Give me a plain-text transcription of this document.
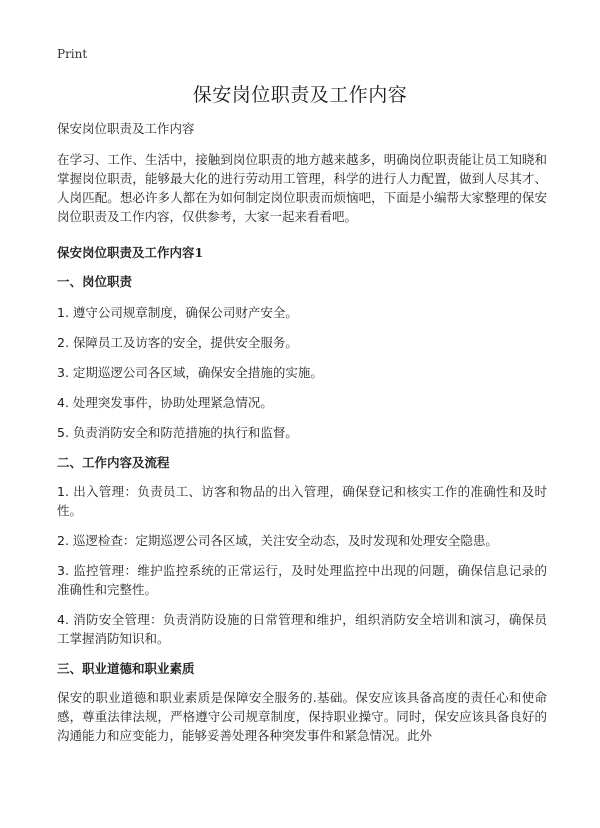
Print
保安岗位职责及工作内容
保安岗位职责及工作内容
在学习、工作、生活中，接触到岗位职责的地方越来越多，明确岗位职责能让员工知晓和掌握岗位职责，能够最大化的进行劳动用工管理，科学的进行人力配置，做到人尽其才、人岗匹配。想必许多人都在为如何制定岗位职责而烦恼吧，下面是小编帮大家整理的保安岗位职责及工作内容，仅供参考，大家一起来看看吧。
保安岗位职责及工作内容1
一、岗位职责
1. 遵守公司规章制度，确保公司财产安全。
2. 保障员工及访客的安全，提供安全服务。
3. 定期巡逻公司各区域，确保安全措施的实施。
4. 处理突发事件，协助处理紧急情况。
5. 负责消防安全和防范措施的执行和监督。
二、工作内容及流程
1. 出入管理：负责员工、访客和物品的出入管理，确保登记和核实工作的准确性和及时性。
2. 巡逻检查：定期巡逻公司各区域，关注安全动态，及时发现和处理安全隐患。
3. 监控管理：维护监控系统的正常运行，及时处理监控中出现的问题，确保信息记录的准确性和完整性。
4. 消防安全管理：负责消防设施的日常管理和维护，组织消防安全培训和演习，确保员工掌握消防知识和。
三、职业道德和职业素质
保安的职业道德和职业素质是保障安全服务的.基础。保安应该具备高度的责任心和使命感，尊重法律法规，严格遵守公司规章制度，保持职业操守。同时，保安应该具备良好的沟通能力和应变能力，能够妥善处理各种突发事件和紧急情况。此外
